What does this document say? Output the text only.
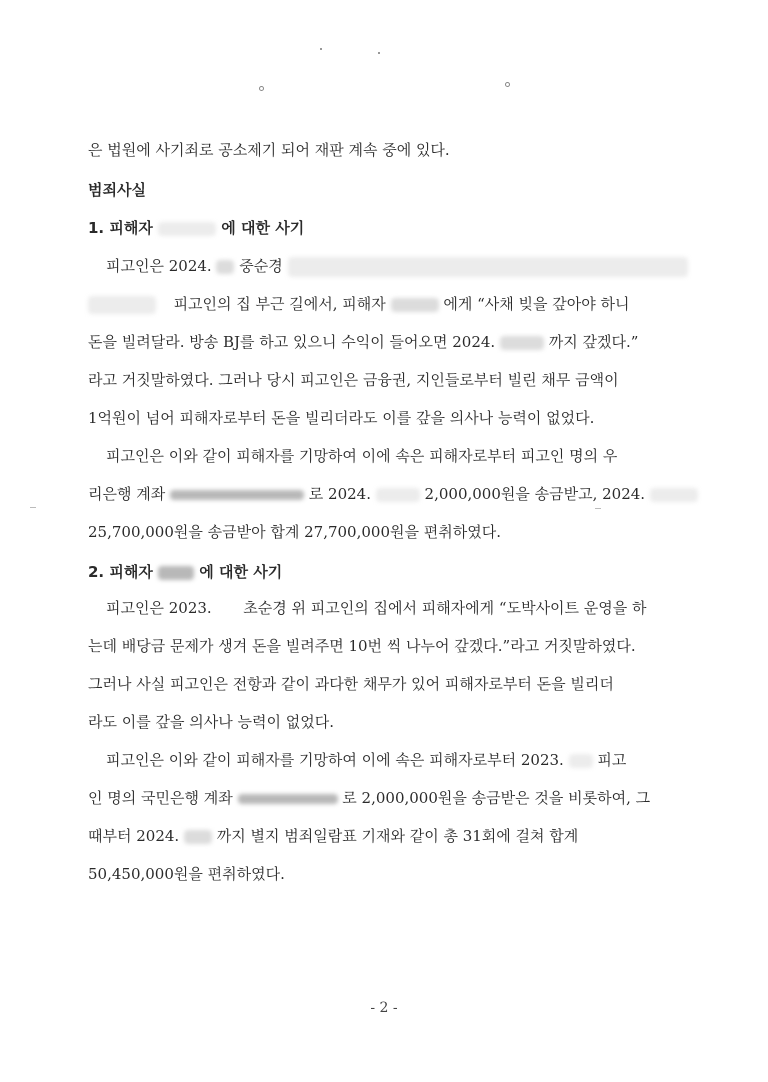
은 법원에 사기죄로 공소제기 되어 재판 계속 중에 있다.
범죄사실
1. 피해자	에 대한 사기
피고인은 2024. 중순경
피고인의 집 부근 길에서, 피해자	에게 “사채 빚을 갚아야 하니
돈을 빌려달라. 방송 BJ를 하고 있으니 수익이 들어오면 2024.	까지 갚겠다.”
라고 거짓말하였다. 그러나 당시 피고인은 금융권, 지인들로부터 빌린 채무 금액이
1억원이 넘어 피해자로부터 돈을 빌리더라도 이를 갚을 의사나 능력이 없었다.
피고인은 이와 같이 피해자를 기망하여 이에 속은 피해자로부터 피고인 명의 우
리은행 계좌	로 2024.	2,000,000원을 송금받고, 2024.
25,700,000원을 송금받아 합계 27,700,000원을 편취하였다.
2. 피해자	에 대한 사기
피고인은 2023. 초순경 위 피고인의 집에서 피해자에게 “도박사이트 운영을 하
는데 배당금 문제가 생겨 돈을 빌려주면 10번 씩 나누어 갚겠다.”라고 거짓말하였다.
그러나 사실 피고인은 전항과 같이 과다한 채무가 있어 피해자로부터 돈을 빌리더
라도 이를 갚을 의사나 능력이 없었다.
피고인은 이와 같이 피해자를 기망하여 이에 속은 피해자로부터 2023. 피고
인 명의 국민은행 계좌	로 2,000,000원을 송금받은 것을 비롯하여, 그
때부터 2024.	까지 별지 범죄일람표 기재와 같이 총 31회에 걸쳐 합계
50,450,000원을 편취하였다.
- 2 -
